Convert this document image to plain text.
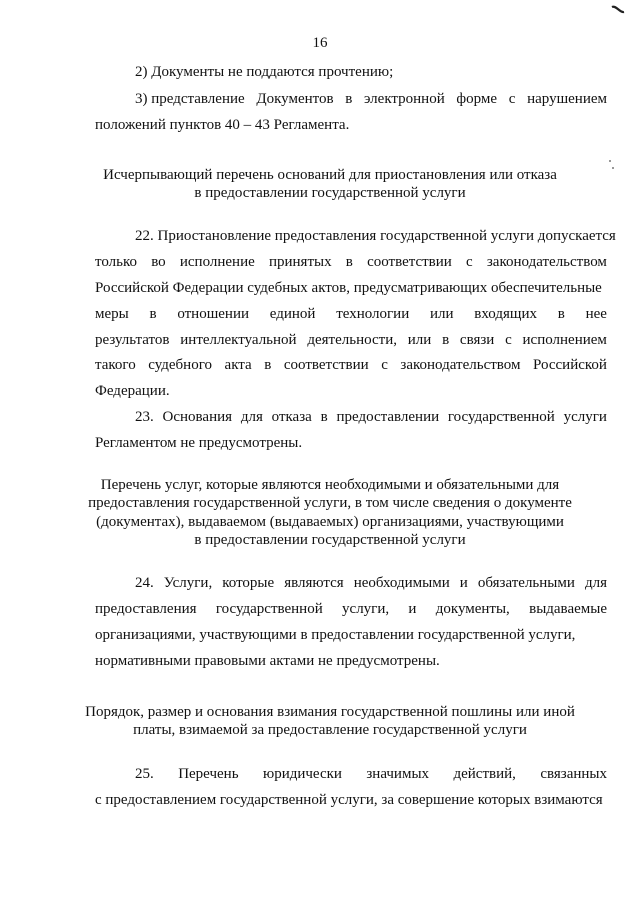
16
2) Документы не поддаются прочтению;
3) представление Документов в электронной форме с нарушением
положений пунктов 40 – 43 Регламента.
Исчерпывающий перечень оснований для приостановления или отказа
в предоставлении государственной услуги
22. Приостановление предоставления государственной услуги допускается
только во исполнение принятых в соответствии с законодательством
Российской Федерации судебных актов, предусматривающих обеспечительные
меры в отношении единой технологии или входящих в нее
результатов интеллектуальной деятельности, или в связи с исполнением
такого судебного акта в соответствии с законодательством Российской
Федерации.
23. Основания для отказа в предоставлении государственной услуги
Регламентом не предусмотрены.
Перечень услуг, которые являются необходимыми и обязательными для
предоставления государственной услуги, в том числе сведения о документе
(документах), выдаваемом (выдаваемых) организациями, участвующими
в предоставлении государственной услуги
24. Услуги, которые являются необходимыми и обязательными для
предоставления государственной услуги, и документы, выдаваемые
организациями, участвующими в предоставлении государственной услуги,
нормативными правовыми актами не предусмотрены.
Порядок, размер и основания взимания государственной пошлины или иной
платы, взимаемой за предоставление государственной услуги
25. Перечень юридически значимых действий, связанных
с предоставлением государственной услуги, за совершение которых взимаются
